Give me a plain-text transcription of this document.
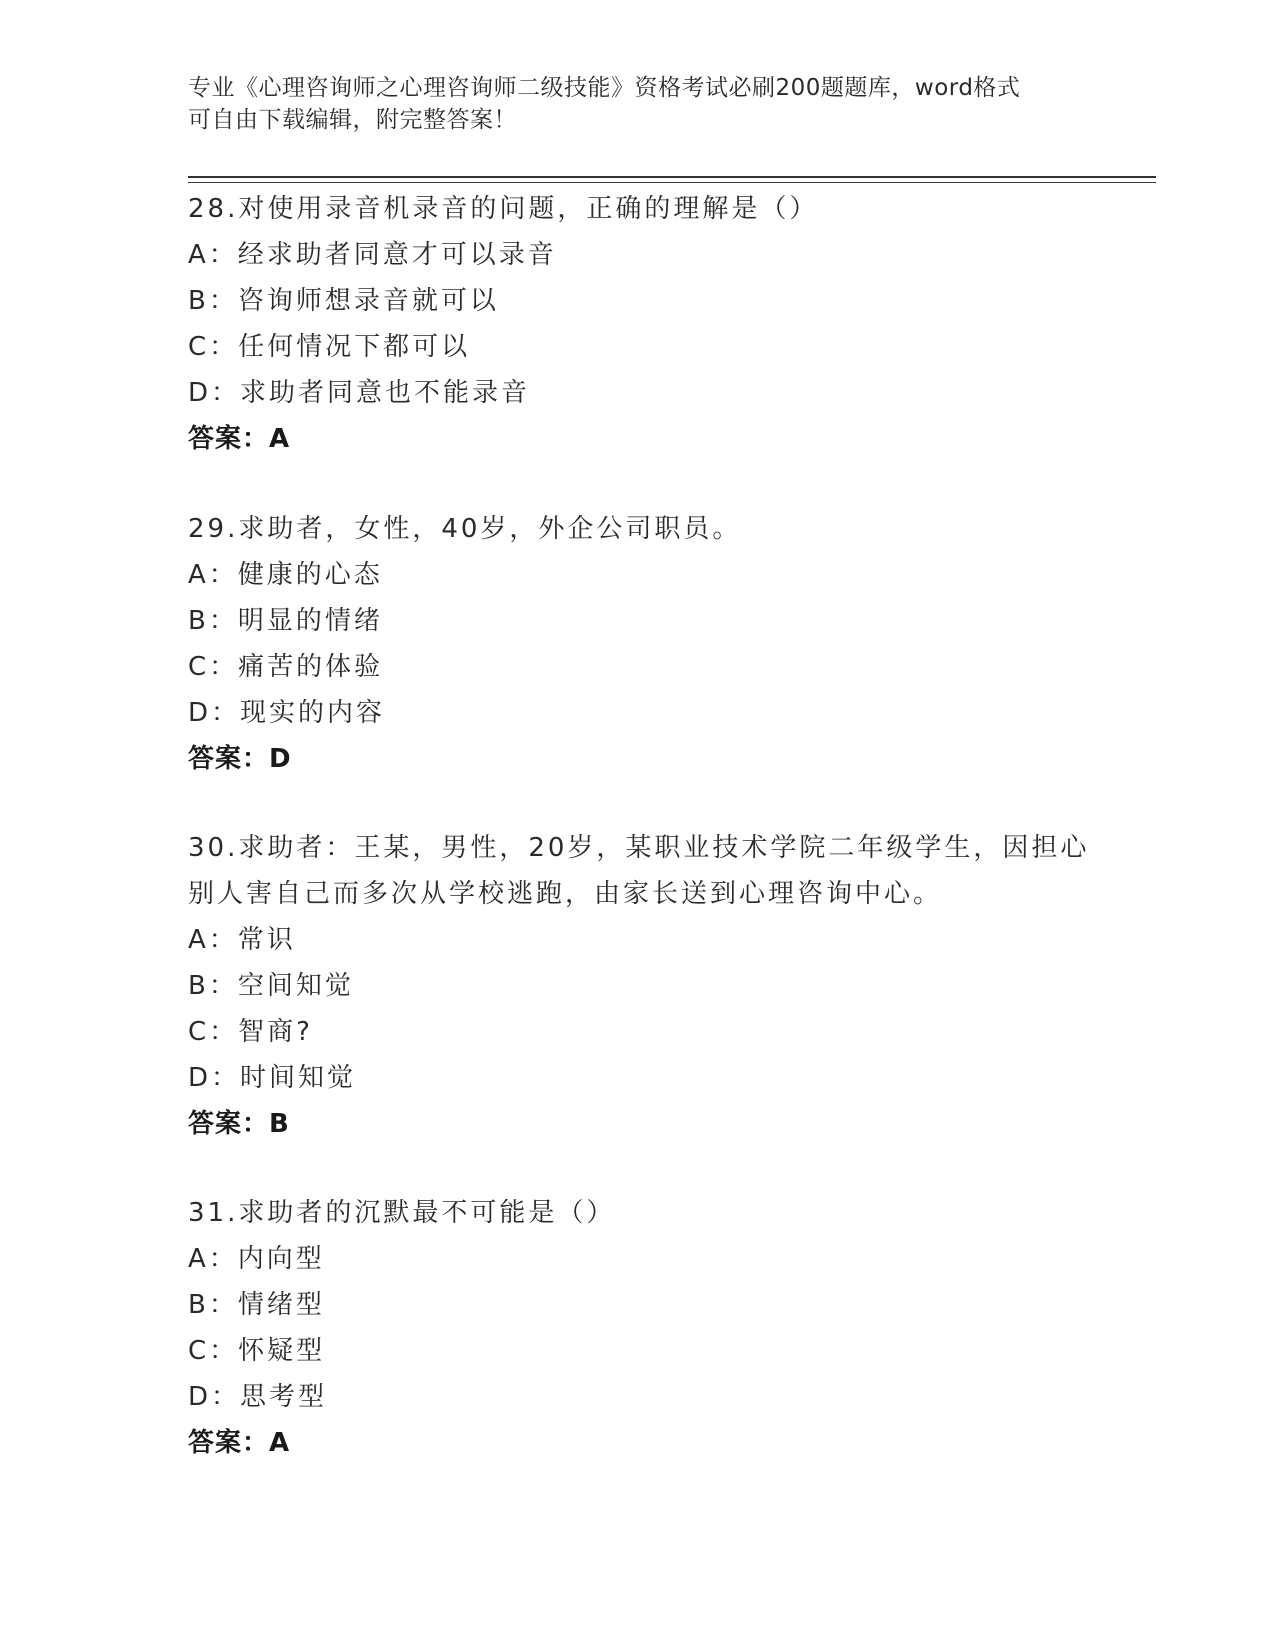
专业《心理咨询师之心理咨询师二级技能》资格考试必刷200题题库，word格式
可自由下载编辑，附完整答案！
28.对使用录音机录音的问题，正确的理解是（）
A：经求助者同意才可以录音
B：咨询师想录音就可以
C：任何情况下都可以
D：求助者同意也不能录音
答案：A
29.求助者，女性，40岁，外企公司职员。
A：健康的心态
B：明显的情绪
C：痛苦的体验
D：现实的内容
答案：D
30.求助者：王某，男性，20岁，某职业技术学院二年级学生，因担心
别人害自己而多次从学校逃跑，由家长送到心理咨询中心。
A：常识
B：空间知觉
C：智商?
D：时间知觉
答案：B
31.求助者的沉默最不可能是（）
A：内向型
B：情绪型
C：怀疑型
D：思考型
答案：A
